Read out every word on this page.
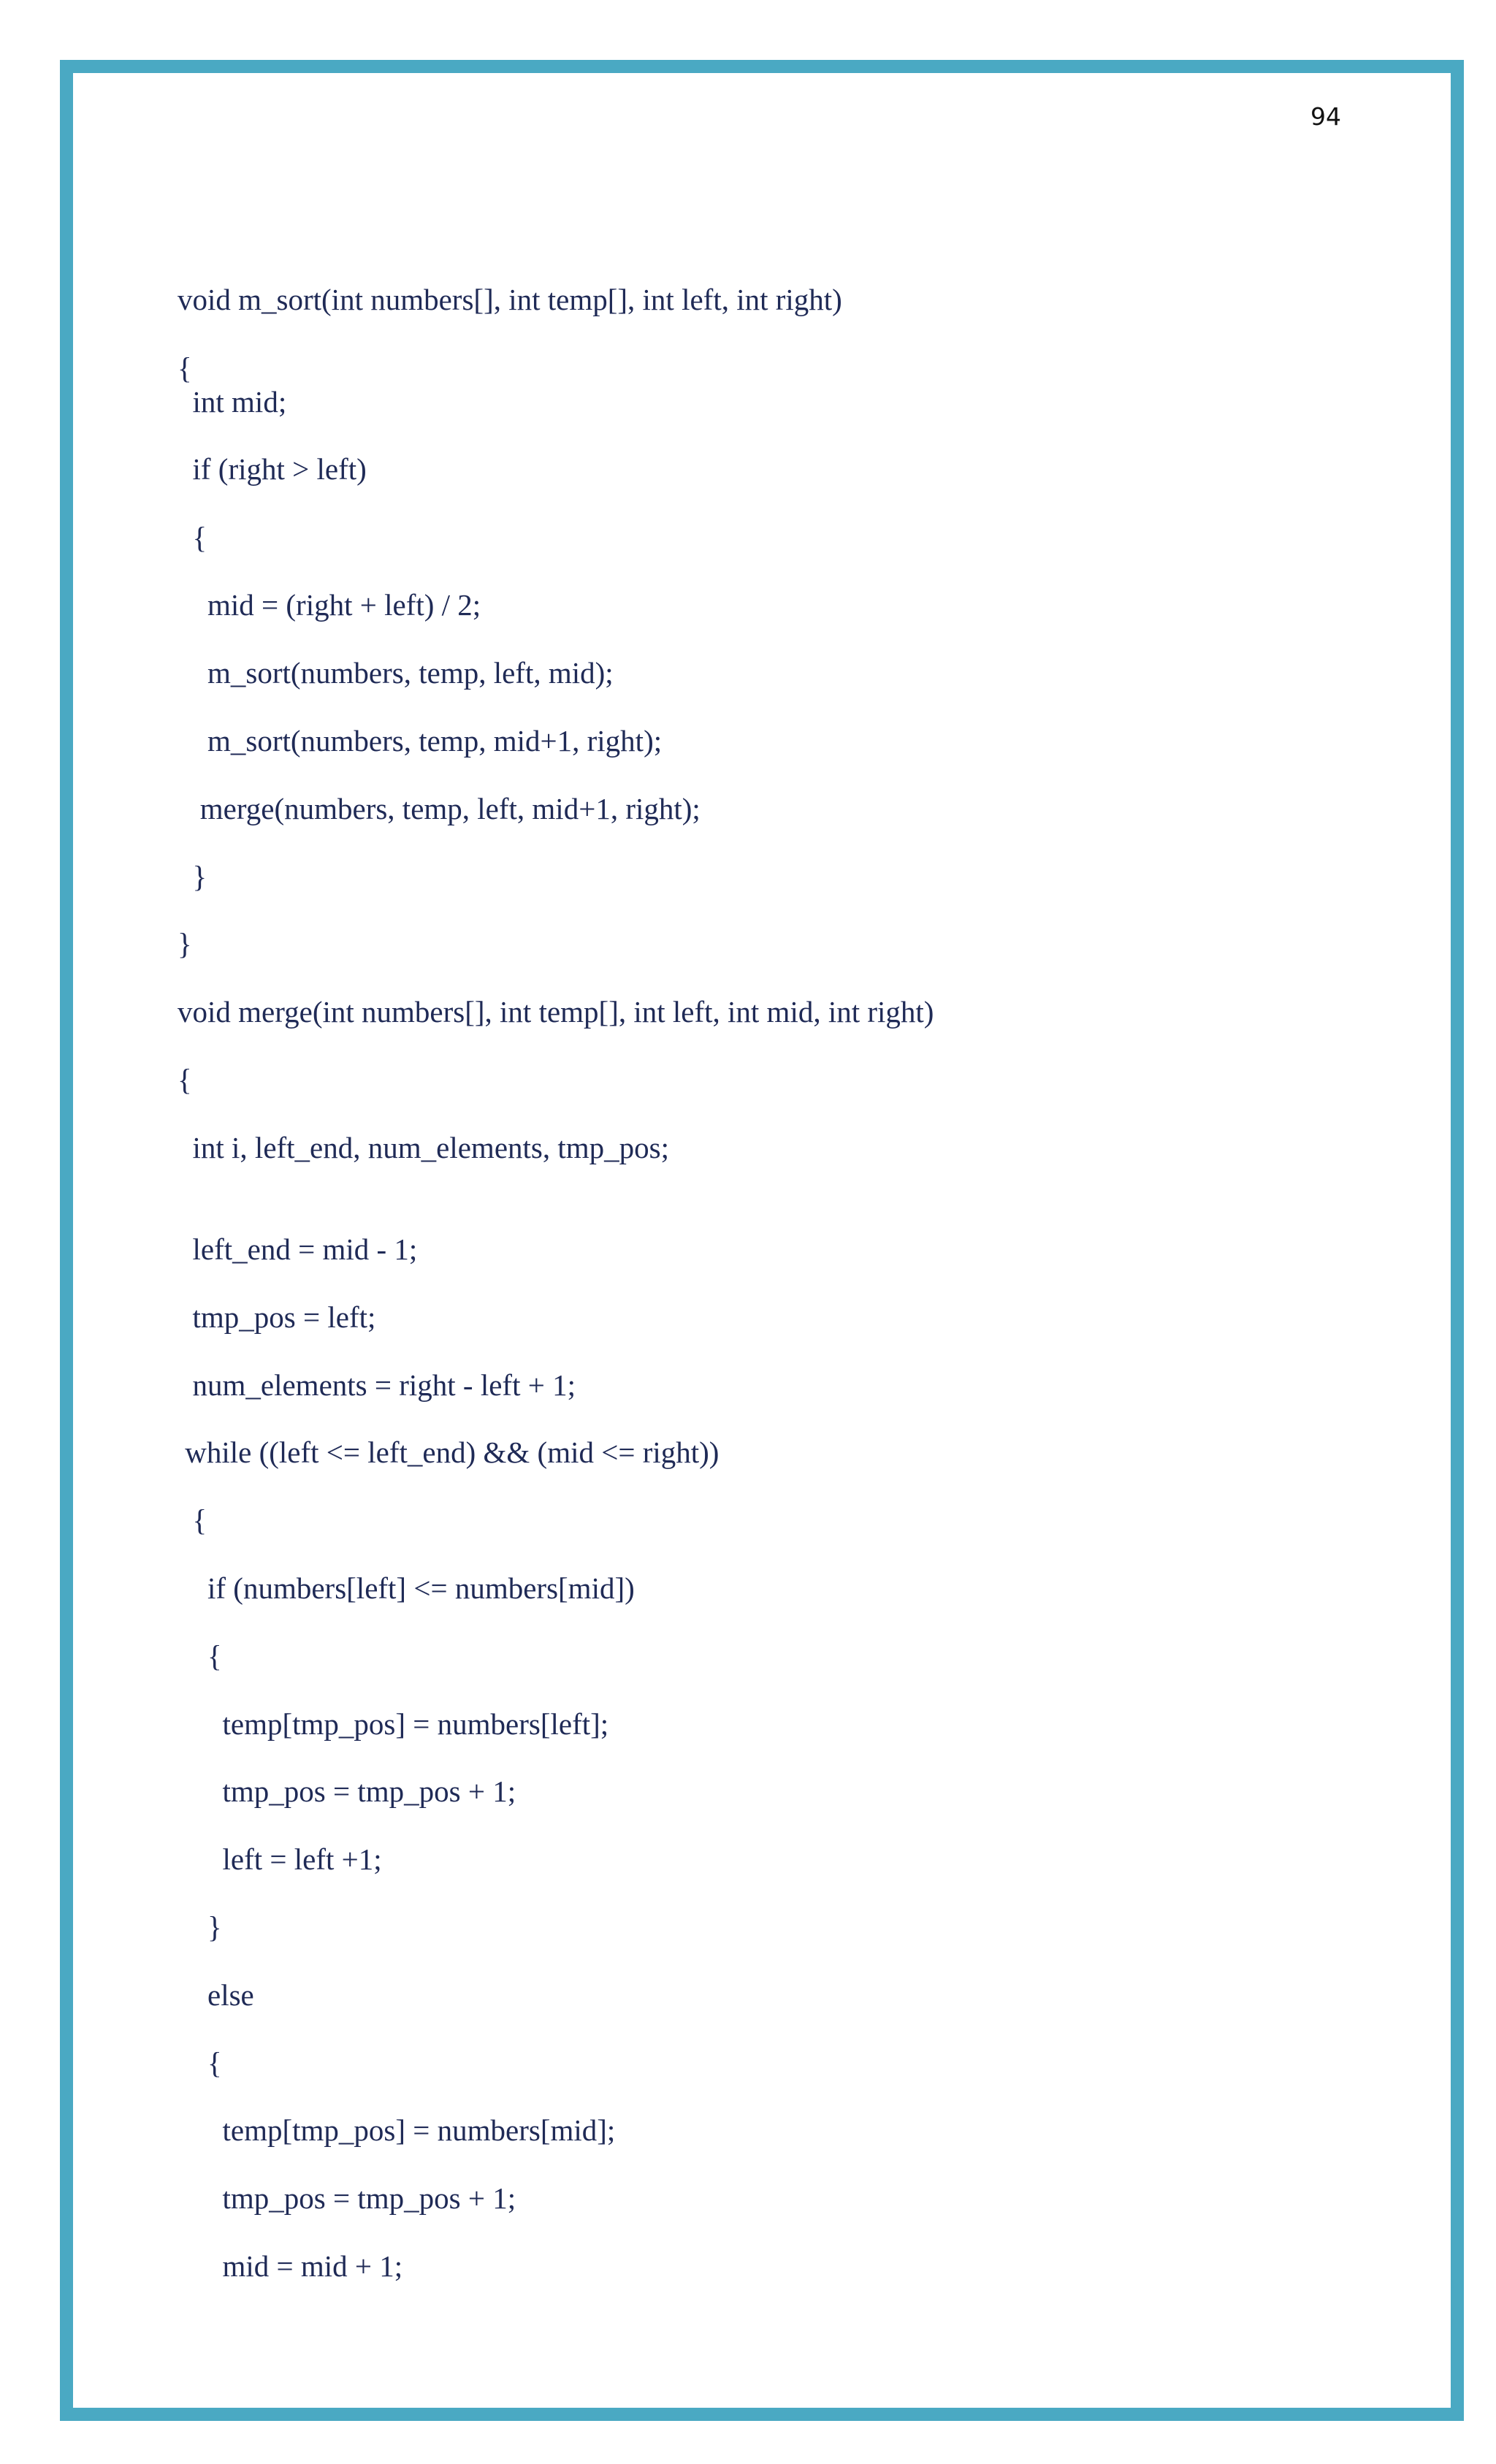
94
void m_sort(int numbers[], int temp[], int left, int right)
{
int mid;
if (right > left)
{
mid = (right + left) / 2;
m_sort(numbers, temp, left, mid);
m_sort(numbers, temp, mid+1, right);
merge(numbers, temp, left, mid+1, right);
}
}
void merge(int numbers[], int temp[], int left, int mid, int right)
{
int i, left_end, num_elements, tmp_pos;
left_end = mid - 1;
tmp_pos = left;
num_elements = right - left + 1;
while ((left <= left_end) && (mid <= right))
{
if (numbers[left] <= numbers[mid])
{
temp[tmp_pos] = numbers[left];
tmp_pos = tmp_pos + 1;
left = left +1;
}
else
{
temp[tmp_pos] = numbers[mid];
tmp_pos = tmp_pos + 1;
mid = mid + 1;
